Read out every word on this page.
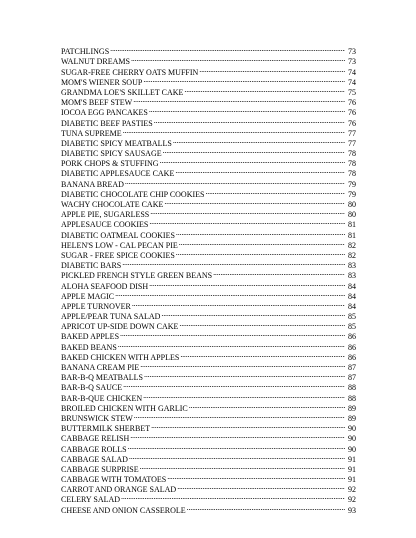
PATCHLINGS .....	73
WALNUT DREAMS .....	73
SUGAR-FREE CHERRY OATS MUFFIN .....	74
MOM'S WIENER SOUP .....	74
GRANDMA LOE'S SKILLET CAKE .....	75
MOM'S BEEF STEW .....	76
IOCOA EGG PANCAKES .....	76
DIABETIC BEEF PASTIES .....	76
TUNA SUPREME .....	77
DIABETIC SPICY MEATBALLS .....	77
DIABETIC SPICY SAUSAGE .....	78
PORK CHOPS & STUFFING .....	78
DIABETIC APPLESAUCE CAKE .....	78
BANANA BREAD .....	79
DIABETIC CHOCOLATE CHIP COOKIES .....	79
WACHY CHOCOLATE CAKE .....	80
APPLE PIE, SUGARLESS .....	80
APPLESAUCE COOKIES .....	81
DIABETIC OATMEAL COOKIES .....	81
HELEN'S LOW - CAL PECAN PIE .....	82
SUGAR - FREE SPICE COOKIES .....	82
DIABETIC BARS .....	83
PICKLED FRENCH STYLE GREEN BEANS .....	83
ALOHA SEAFOOD DISH .....	84
APPLE MAGIC .....	84
APPLE TURNOVER .....	84
APPLE/PEAR TUNA SALAD .....	85
APRICOT UP-SIDE DOWN CAKE .....	85
BAKED APPLES .....	86
BAKED BEANS .....	86
BAKED CHICKEN WITH APPLES .....	86
BANANA CREAM PIE .....	87
BAR-B-Q MEATBALLS .....	87
BAR-B-Q SAUCE .....	88
BAR-B-QUE CHICKEN .....	88
BROILED CHICKEN WITH GARLIC .....	89
BRUNSWICK STEW .....	89
BUTTERMILK SHERBET .....	90
CABBAGE RELISH .....	90
CABBAGE ROLLS .....	90
CABBAGE SALAD .....	91
CABBAGE SURPRISE .....	91
CABBAGE WITH TOMATOES .....	91
CARROT AND ORANGE SALAD .....	92
CELERY SALAD .....	92
CHEESE AND ONION CASSEROLE .....	93
